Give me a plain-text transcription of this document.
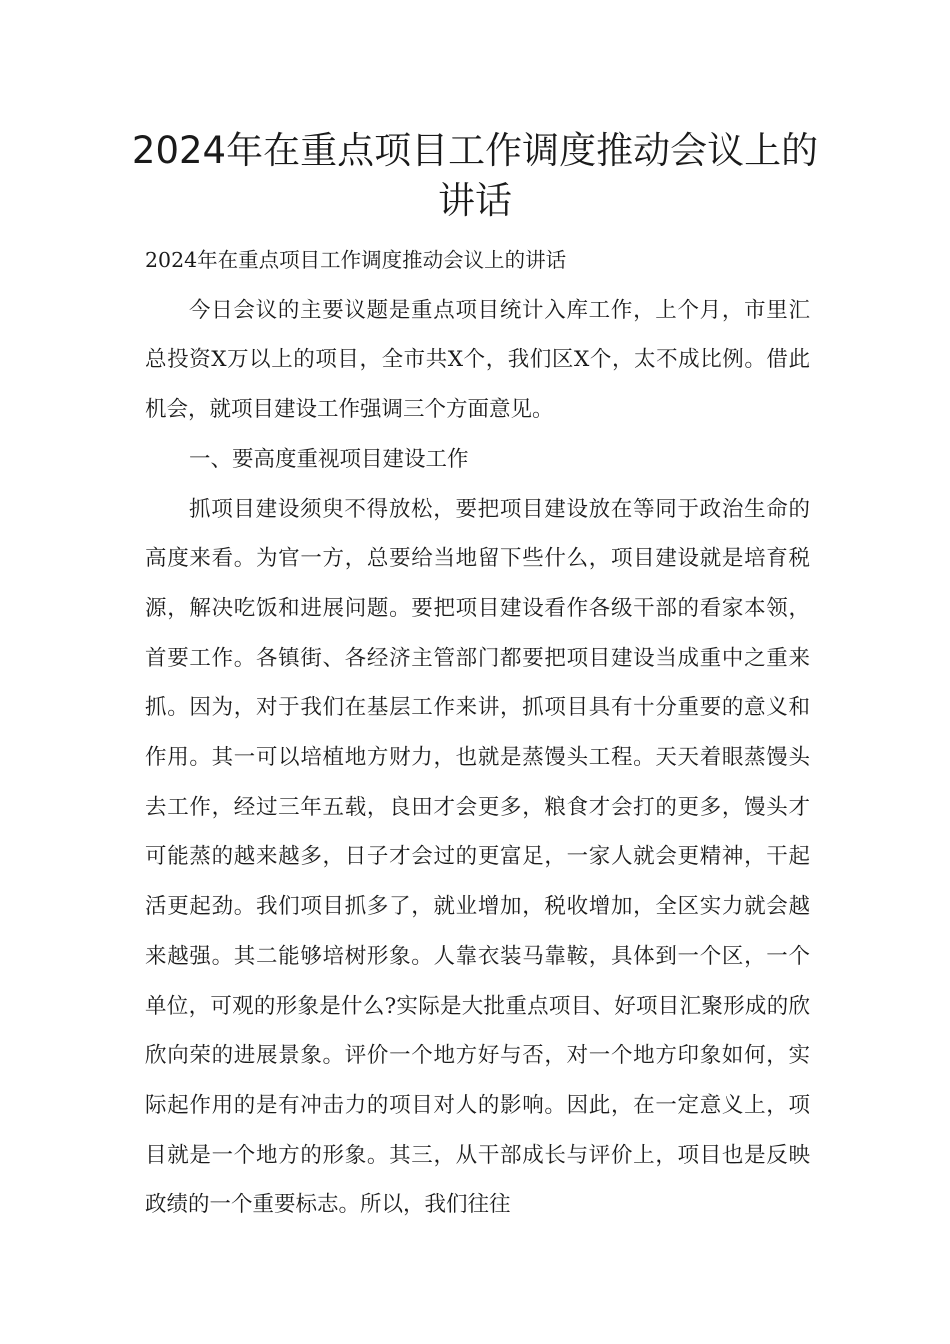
2024年在重点项目工作调度推动会议上的讲话

2024年在重点项目工作调度推动会议上的讲话

今日会议的主要议题是重点项目统计入库工作，上个月，市里汇总投资X万以上的项目，全市共X个，我们区X个，太不成比例。借此机会，就项目建设工作强调三个方面意见。

一、要高度重视项目建设工作

抓项目建设须臾不得放松，要把项目建设放在等同于政治生命的高度来看。为官一方，总要给当地留下些什么，项目建设就是培育税源，解决吃饭和进展问题。要把项目建设看作各级干部的看家本领，首要工作。各镇街、各经济主管部门都要把项目建设当成重中之重来抓。因为，对于我们在基层工作来讲，抓项目具有十分重要的意义和作用。其一可以培植地方财力，也就是蒸馒头工程。天天着眼蒸馒头去工作，经过三年五载，良田才会更多，粮食才会打的更多，馒头才可能蒸的越来越多，日子才会过的更富足，一家人就会更精神，干起活更起劲。我们项目抓多了，就业增加，税收增加，全区实力就会越来越强。其二能够培树形象。人靠衣装马靠鞍，具体到一个区，一个单位，可观的形象是什么?实际是大批重点项目、好项目汇聚形成的欣欣向荣的进展景象。评价一个地方好与否，对一个地方印象如何，实际起作用的是有冲击力的项目对人的影响。因此，在一定意义上，项目就是一个地方的形象。其三，从干部成长与评价上，项目也是反映政绩的一个重要标志。所以，我们往往
